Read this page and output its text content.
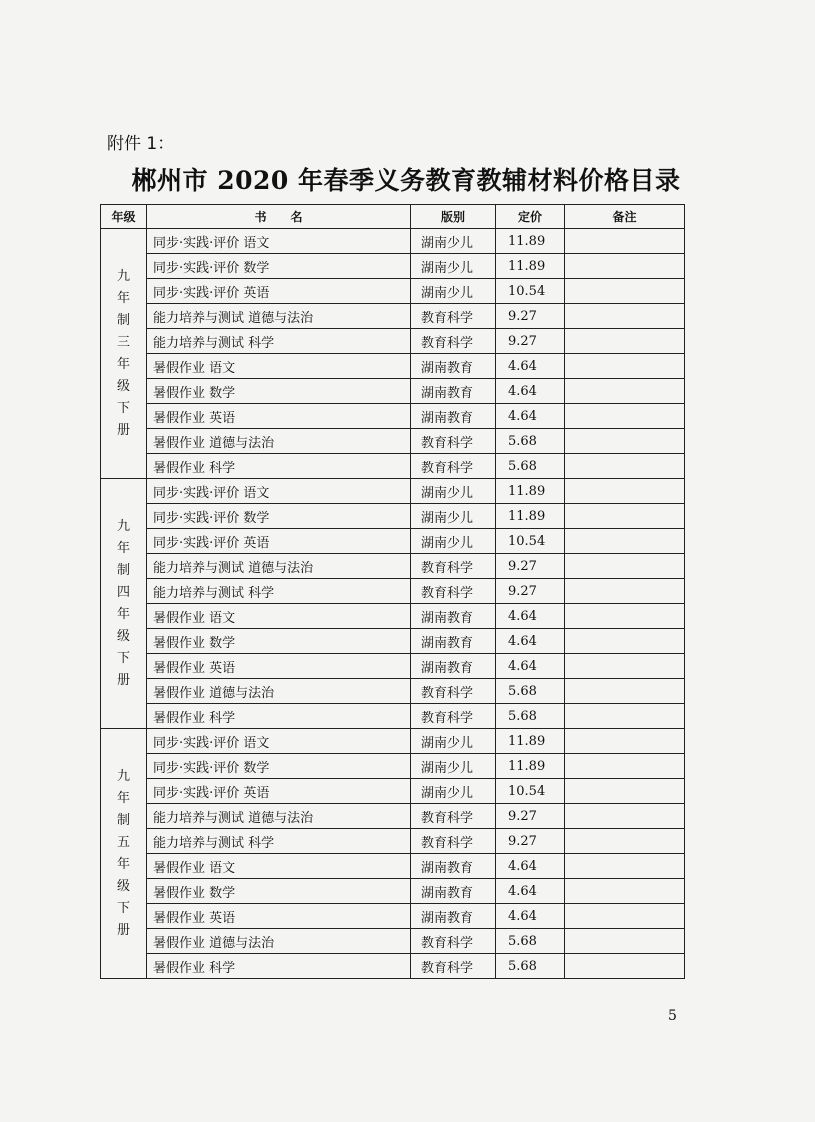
附件 1：
郴州市 2020 年春季义务教育教辅材料价格目录
年级	书　　名	版别	定价	备注
九年制三年级下册	同步·实践·评价 语文	湖南少儿	11.89	
	同步·实践·评价 数学	湖南少儿	11.89	
	同步·实践·评价 英语	湖南少儿	10.54	
	能力培养与测试 道德与法治	教育科学	9.27	
	能力培养与测试 科学	教育科学	9.27	
	暑假作业 语文	湖南教育	4.64	
	暑假作业 数学	湖南教育	4.64	
	暑假作业 英语	湖南教育	4.64	
	暑假作业 道德与法治	教育科学	5.68	
	暑假作业 科学	教育科学	5.68	
九年制四年级下册	同步·实践·评价 语文	湖南少儿	11.89	
	同步·实践·评价 数学	湖南少儿	11.89	
	同步·实践·评价 英语	湖南少儿	10.54	
	能力培养与测试 道德与法治	教育科学	9.27	
	能力培养与测试 科学	教育科学	9.27	
	暑假作业 语文	湖南教育	4.64	
	暑假作业 数学	湖南教育	4.64	
	暑假作业 英语	湖南教育	4.64	
	暑假作业 道德与法治	教育科学	5.68	
	暑假作业 科学	教育科学	5.68	
九年制五年级下册	同步·实践·评价 语文	湖南少儿	11.89	
	同步·实践·评价 数学	湖南少儿	11.89	
	同步·实践·评价 英语	湖南少儿	10.54	
	能力培养与测试 道德与法治	教育科学	9.27	
	能力培养与测试 科学	教育科学	9.27	
	暑假作业 语文	湖南教育	4.64	
	暑假作业 数学	湖南教育	4.64	
	暑假作业 英语	湖南教育	4.64	
	暑假作业 道德与法治	教育科学	5.68	
	暑假作业 科学	教育科学	5.68	
5
